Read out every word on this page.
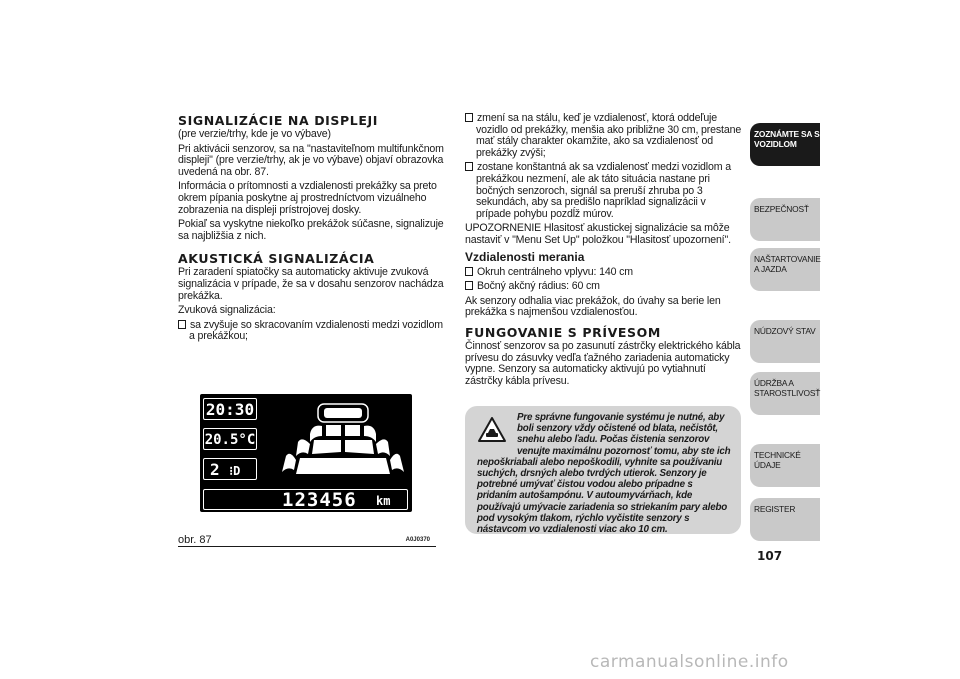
SIGNALIZÁCIE NA DISPLEJI
(pre verzie/trhy, kde je vo výbave)
Pri aktivácii senzorov, sa na "nastaviteľnom multifunkčnom displeji" (pre verzie/trhy, ak je vo výbave) objaví obrazovka uvedená na obr. 87.
Informácia o prítomnosti a vzdialenosti prekážky sa preto okrem pípania poskytne aj prostredníctvom vizuálneho zobrazenia na displeji prístrojovej dosky.
Pokiaľ sa vyskytne niekoľko prekážok súčasne, signalizuje sa najbližšia z nich.
AKUSTICKÁ SIGNALIZÁCIA
Pri zaradení spiatočky sa automaticky aktivuje zvuková signalizácia v prípade, že sa v dosahu senzorov nachádza prekážka.
Zvuková signalizácia:
sa zvyšuje so skracovaním vzdialenosti medzi vozidlom a prekážkou;
20:30
20.5°C
2 ⁝D
123456 km
obr. 87	A0J0370
zmení sa na stálu, keď je vzdialenosť, ktorá oddeľuje vozidlo od prekážky, menšia ako približne 30 cm, prestane mať stály charakter okamžite, ako sa vzdialenosť od prekážky zvýši;
zostane konštantná ak sa vzdialenosť medzi vozidlom a prekážkou nezmení, ale ak táto situácia nastane pri bočných senzoroch, signál sa preruší zhruba po 3 sekundách, aby sa predišlo napríklad signalizácii v prípade pohybu pozdĺž múrov.
UPOZORNENIE Hlasitosť akustickej signalizácie sa môže nastaviť v "Menu Set Up" položkou "Hlasitosť upozornení".
Vzdialenosti merania
Okruh centrálneho vplyvu: 140 cm
Bočný akčný rádius: 60 cm
Ak senzory odhalia viac prekážok, do úvahy sa berie len prekážka s najmenšou vzdialenosťou.
FUNGOVANIE S PRÍVESOM
Činnosť senzorov sa po zasunutí zástrčky elektrického kábla prívesu do zásuvky vedľa ťažného zariadenia automaticky vypne. Senzory sa automaticky aktivujú po vytiahnutí zástrčky kábla prívesu.
Pre správne fungovanie systému je nutné, aby boli senzory vždy očistené od blata, nečistôt, snehu alebo ľadu. Počas čistenia senzorov venujte maximálnu pozornosť tomu, aby ste ich nepoškriabali alebo nepoškodili, vyhnite sa používaniu suchých, drsných alebo tvrdých utierok. Senzory je potrebné umývať čistou vodou alebo prípadne s pridaním autošampónu. V autoumyvárňach, kde používajú umývacie zariadenia so striekaním pary alebo pod vysokým tlakom, rýchlo vyčistite senzory s nástavcom vo vzdialenosti viac ako 10 cm.
ZOZNÁMTE SA S VOZIDLOM
BEZPEČNOSŤ
NAŠTARTOVANIE A JAZDA
NÚDZOVÝ STAV
ÚDRŽBA A STAROSTLIVOSŤ
TECHNICKÉ ÚDAJE
REGISTER
107
carmanualsonline.info
